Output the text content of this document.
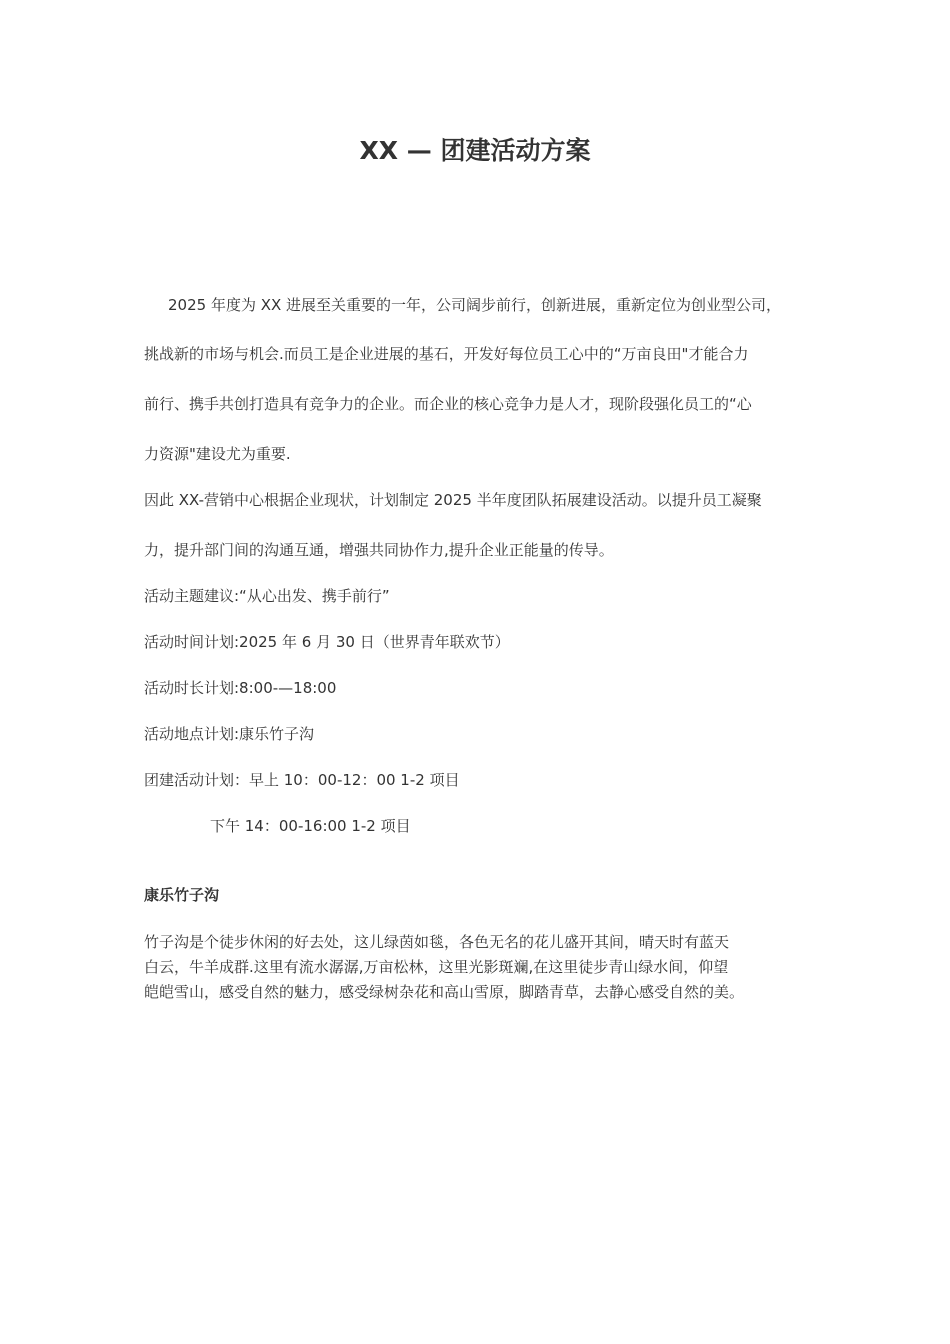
XX — 团建活动方案

2025 年度为 XX 进展至关重要的一年，公司阔步前行，创新进展，重新定位为创业型公司，

挑战新的市场与机会.而员工是企业进展的基石，开发好每位员工心中的“万亩良田"才能合力

前行、携手共创打造具有竞争力的企业。而企业的核心竞争力是人才，现阶段强化员工的“心

力资源"建设尤为重要.

因此 XX-营销中心根据企业现状，计划制定 2025 半年度团队拓展建设活动。以提升员工凝聚

力，提升部门间的沟通互通，增强共同协作力,提升企业正能量的传导。

活动主题建议:“从心出发、携手前行”

活动时间计划:2025 年 6 月 30 日（世界青年联欢节）

活动时长计划:8:00-—18:00

活动地点计划:康乐竹子沟

团建活动计划：早上 10：00-12：00 1-2 项目

下午 14：00-16:00 1-2 项目

康乐竹子沟

竹子沟是个徒步休闲的好去处，这儿绿茵如毯，各色无名的花儿盛开其间，晴天时有蓝天

白云，牛羊成群.这里有流水潺潺,万亩松林，这里光影斑斓,在这里徒步青山绿水间，仰望

皑皑雪山，感受自然的魅力，感受绿树杂花和高山雪原，脚踏青草，去静心感受自然的美。
